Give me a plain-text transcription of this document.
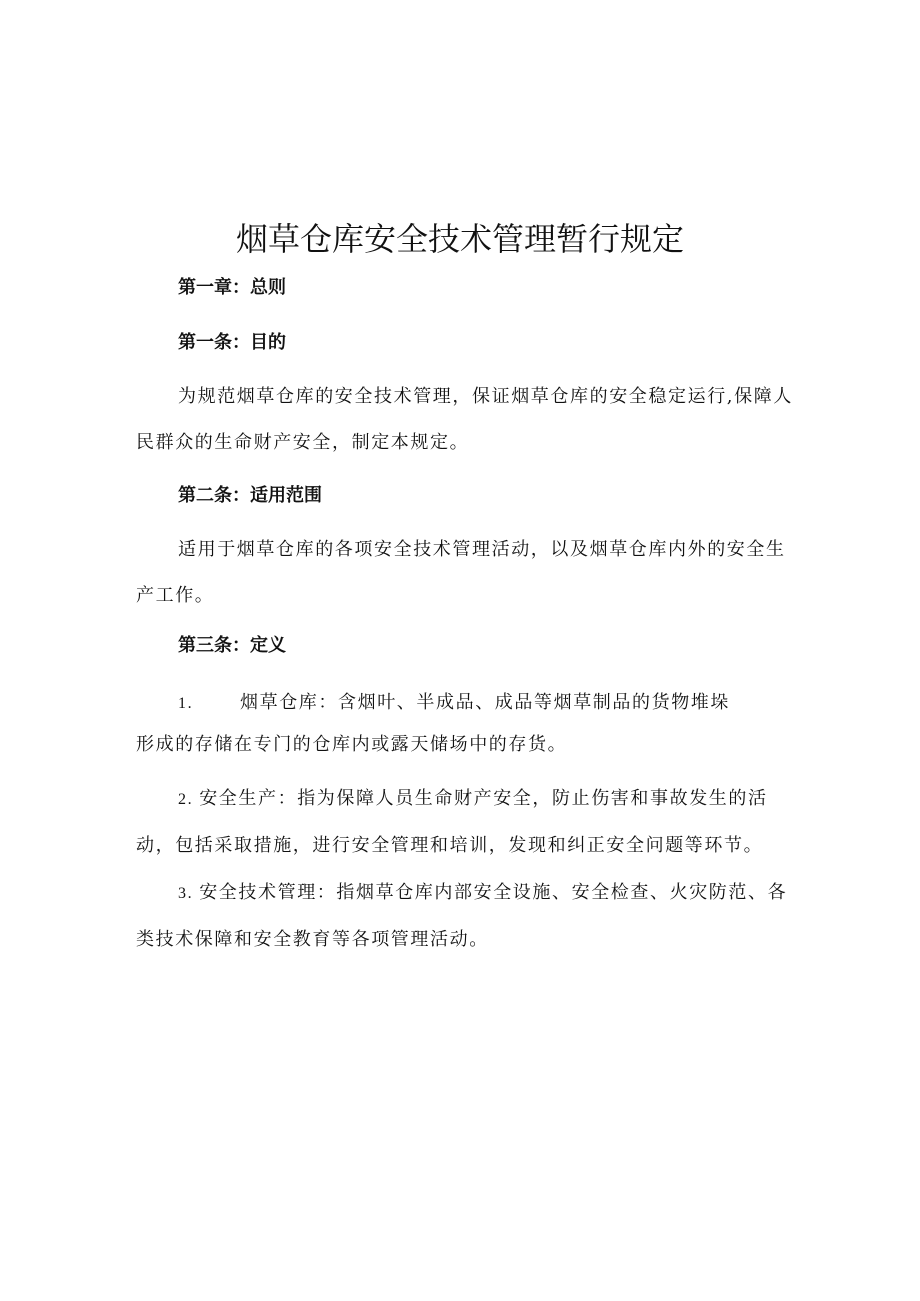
烟草仓库安全技术管理暂行规定

第一章：总则

第一条：目的

为规范烟草仓库的安全技术管理，保证烟草仓库的安全稳定运行,保障人民群众的生命财产安全，制定本规定。

第二条：适用范围

适用于烟草仓库的各项安全技术管理活动，以及烟草仓库内外的安全生产工作。

第三条：定义

1.	烟草仓库：含烟叶、半成品、成品等烟草制品的货物堆垛

形成的存储在专门的仓库内或露天储场中的存货。

2. 安全生产：指为保障人员生命财产安全，防止伤害和事故发生的活动，包括采取措施，进行安全管理和培训，发现和纠正安全问题等环节。

3. 安全技术管理：指烟草仓库内部安全设施、安全检查、火灾防范、各类技术保障和安全教育等各项管理活动。
